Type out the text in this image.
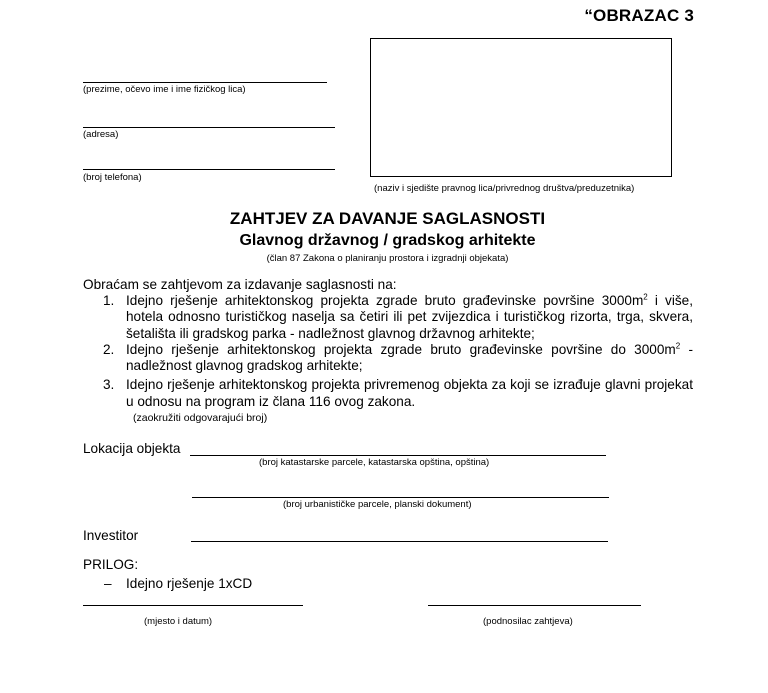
“OBRAZAC 3
(prezime, očevo ime i ime fizičkog lica)
(adresa)
(broj telefona)
(naziv i sjedište pravnog lica/privrednog društva/preduzetnika)
ZAHTJEV ZA DAVANJE SAGLASNOSTI
Glavnog državnog / gradskog arhitekte
(član 87 Zakona o planiranju prostora i izgradnji objekata)
Obraćam se zahtjevom za izdavanje saglasnosti na:
1. Idejno rješenje arhitektonskog projekta zgrade bruto građevinske površine $3000m^2$ i više, hotela odnosno turističkog naselja sa četiri ili pet zvijezdica i turističkog rizorta, trga, skvera, šetališta ili gradskog parka - nadležnost glavnog državnog arhitekte;
2. Idejno rješenje arhitektonskog projekta zgrade bruto građevinske površine do $3000m^2$ - nadležnost glavnog gradskog arhitekte;
3. Idejno rješenje arhitektonskog projekta privremenog objekta za koji se izrađuje glavni projekat u odnosu na program iz člana 116 ovog zakona.
(zaokružiti odgovarajući broj)
Lokacija objekta
(broj katastarske parcele, katastarska opština, opština)
(broj urbanističke parcele, planski dokument)
Investitor
PRILOG:
– Idejno rješenje 1xCD
(mjesto i datum)	(podnosilac zahtjeva)
